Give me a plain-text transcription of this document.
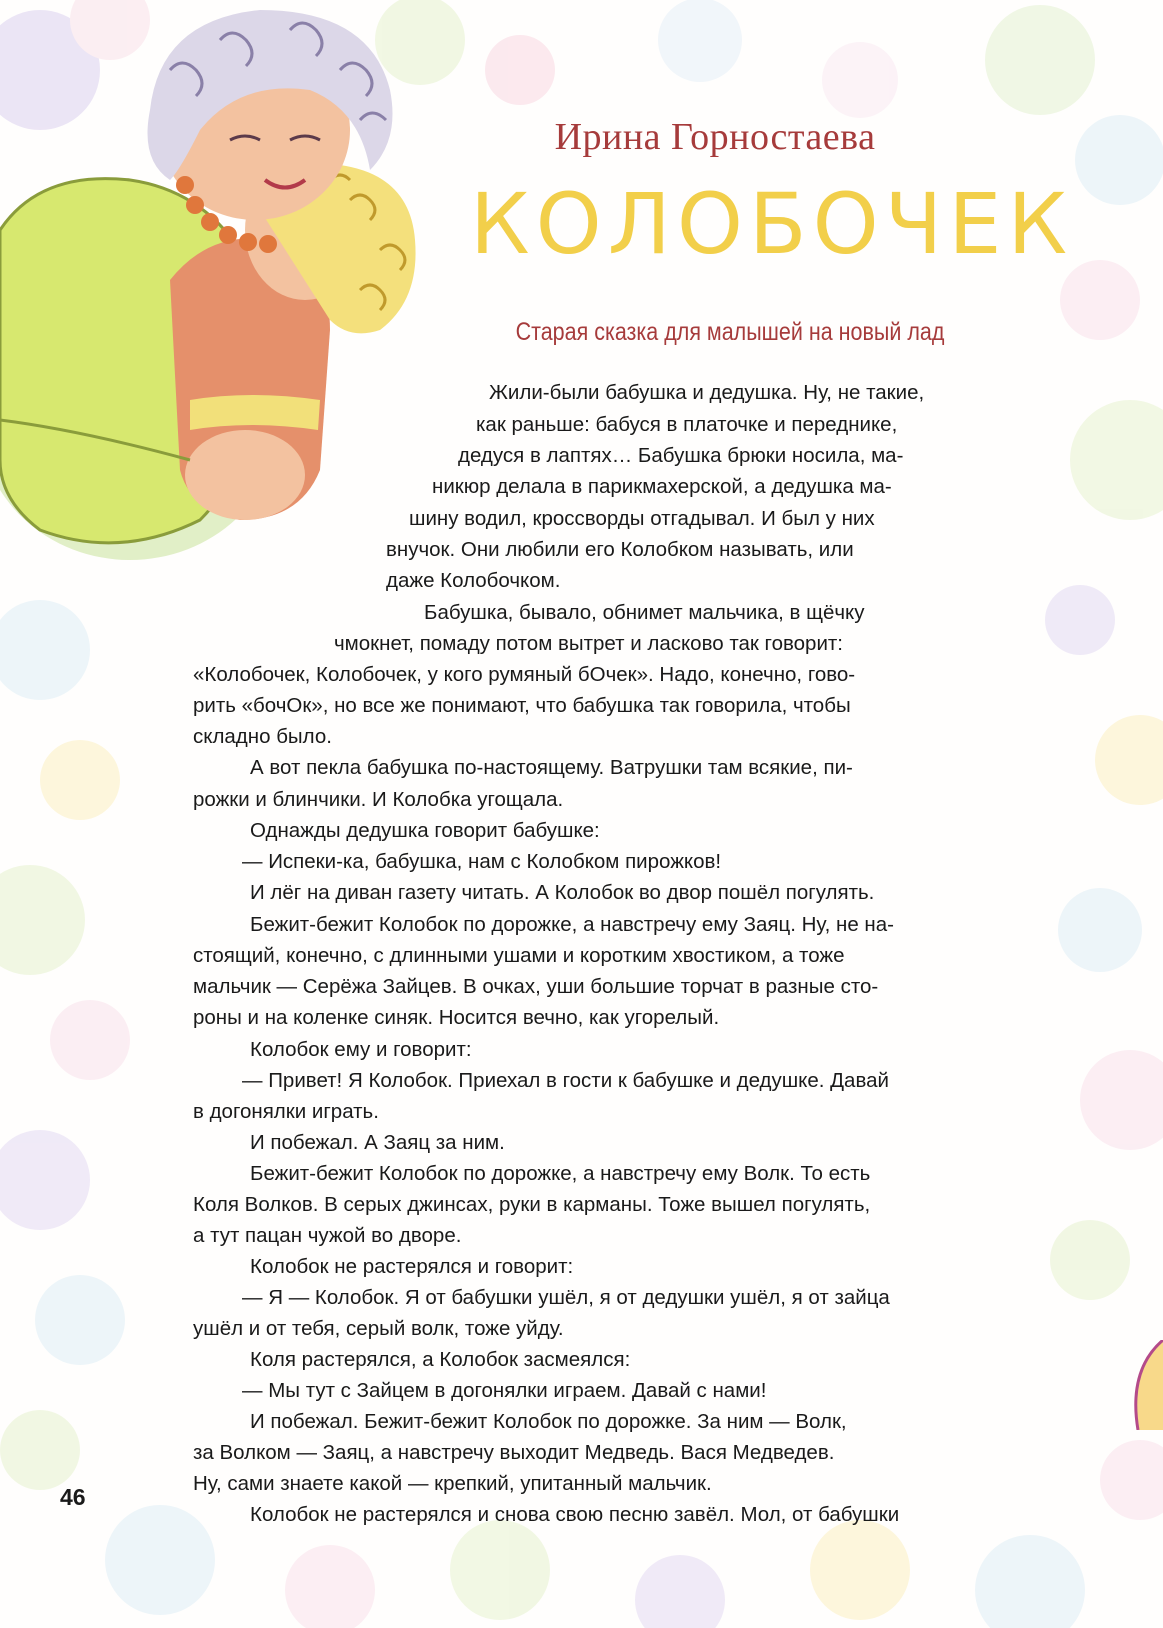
Ирина Горностаева
КОЛОБОЧЕК
Старая сказка для малышей на новый лад
Жили-были бабушка и дедушка. Ну, не такие,
как раньше: бабуся в платочке и переднике,
дедуся в лаптях… Бабушка брюки носила, ма-
никюр делала в парикмахерской, а дедушка ма-
шину водил, кроссворды отгадывал. И был у них
внучок. Они любили его Колобком называть, или
даже Колобочком.
Бабушка, бывало, обнимет мальчика, в щёчку
чмокнет, помаду потом вытрет и ласково так говорит:
«Колобочек, Колобочек, у кого румяный бОчек». Надо, конечно, гово-
рить «бочОк», но все же понимают, что бабушка так говорила, чтобы
складно было.
А вот пекла бабушка по-настоящему. Ватрушки там всякие, пи-
рожки и блинчики. И Колобка угощала.
Однажды дедушка говорит бабушке:
— Испеки-ка, бабушка, нам с Колобком пирожков!
И лёг на диван газету читать. А Колобок во двор пошёл погулять.
Бежит-бежит Колобок по дорожке, а навстречу ему Заяц. Ну, не на-
стоящий, конечно, с длинными ушами и коротким хвостиком, а тоже
мальчик — Серёжа Зайцев. В очках, уши большие торчат в разные сто-
роны и на коленке синяк. Носится вечно, как угорелый.
Колобок ему и говорит:
— Привет! Я Колобок. Приехал в гости к бабушке и дедушке. Давай
в догонялки играть.
И побежал. А Заяц за ним.
Бежит-бежит Колобок по дорожке, а навстречу ему Волк. То есть
Коля Волков. В серых джинсах, руки в карманы. Тоже вышел погулять,
а тут пацан чужой во дворе.
Колобок не растерялся и говорит:
— Я — Колобок. Я от бабушки ушёл, я от дедушки ушёл, я от зайца
ушёл и от тебя, серый волк, тоже уйду.
Коля растерялся, а Колобок засмеялся:
— Мы тут с Зайцем в догонялки играем. Давай с нами!
И побежал. Бежит-бежит Колобок по дорожке. За ним — Волк,
за Волком — Заяц, а навстречу выходит Медведь. Вася Медведев.
Ну, сами знаете какой — крепкий, упитанный мальчик.
Колобок не растерялся и снова свою песню завёл. Мол, от бабушки
46
